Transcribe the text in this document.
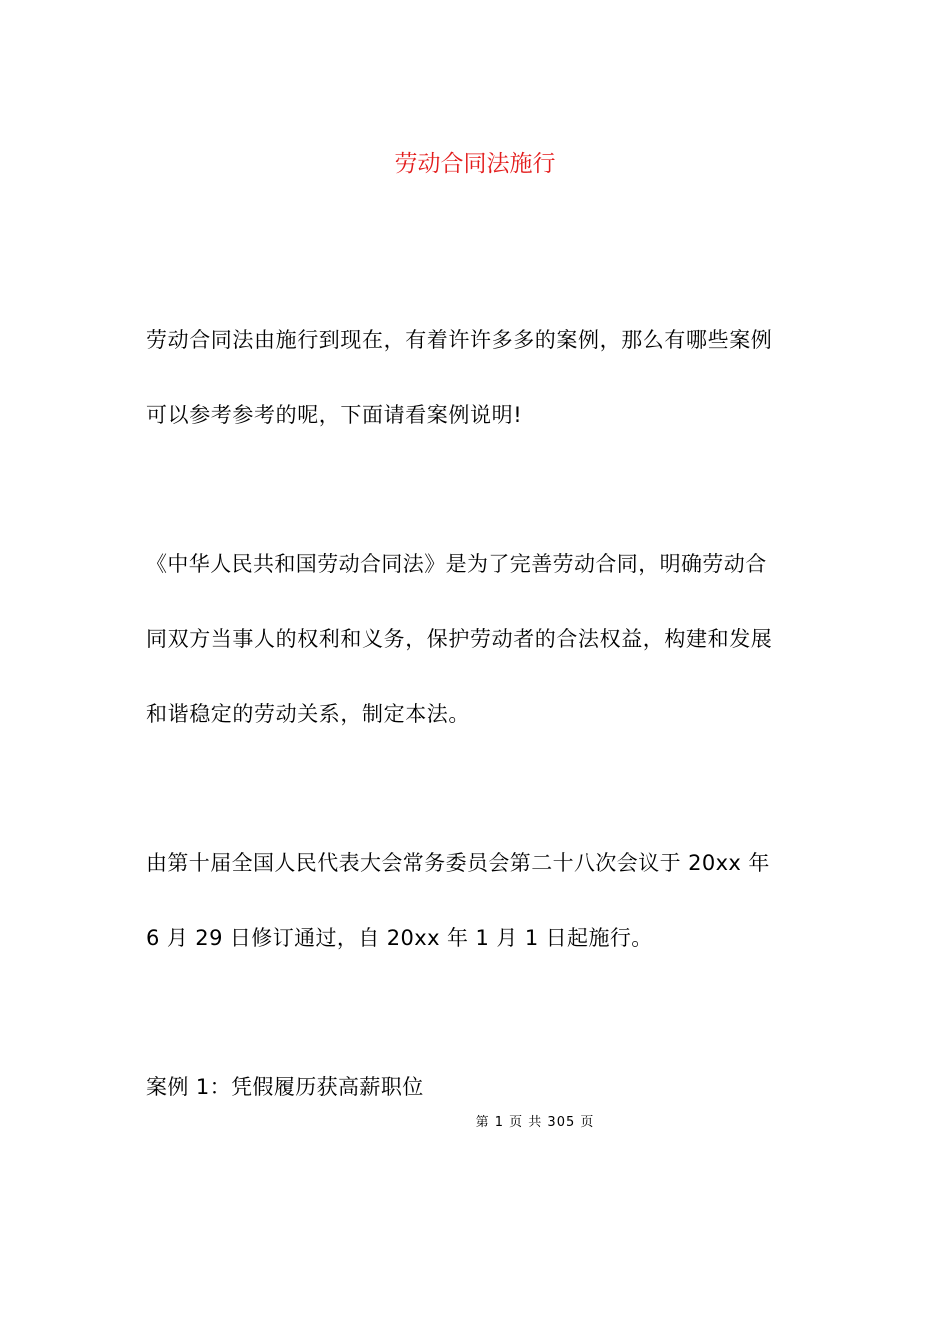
劳动合同法施行
劳动合同法由施行到现在，有着许许多多的案例，那么有哪些案例
可以参考参考的呢，下面请看案例说明!
《中华人民共和国劳动合同法》是为了完善劳动合同，明确劳动合
同双方当事人的权利和义务，保护劳动者的合法权益，构建和发展
和谐稳定的劳动关系，制定本法。
由第十届全国人民代表大会常务委员会第二十八次会议于 20xx 年
6 月 29 日修订通过，自 20xx 年 1 月 1 日起施行。
案例 1：凭假履历获高薪职位
第 1 页 共 305 页
